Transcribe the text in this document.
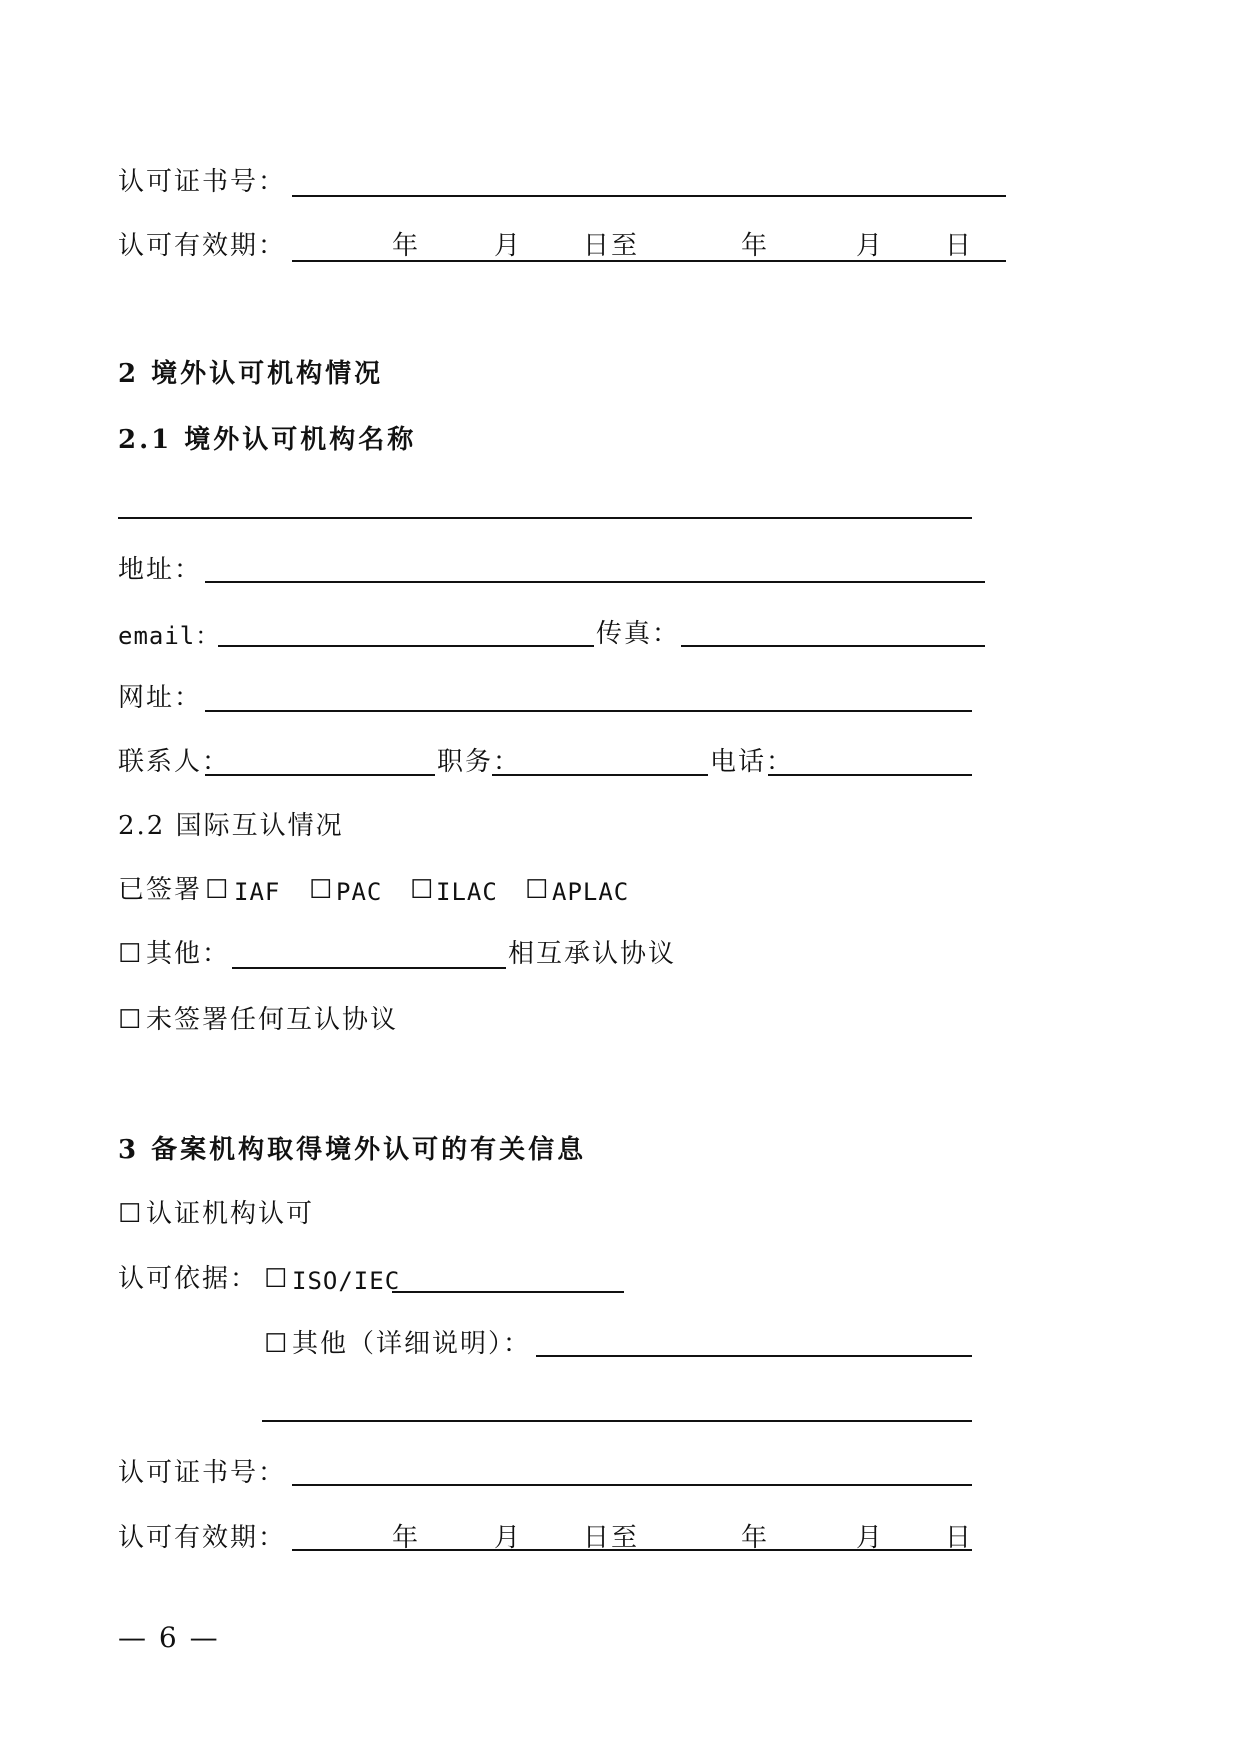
认可证书号：
认可有效期：	年	月 日至	年	月 日
2 境外认可机构情况
2.1 境外认可机构名称
地址：
email：	传真：
网址：
联系人：	职务：	电话：
2.2 国际互认情况
已签署 ☐ IAF ☐ PAC ☐ ILAC ☐ APLAC
☐ 其他：	相互承认协议
☐ 未签署任何互认协议
3 备案机构取得境外认可的有关信息
☐ 认证机构认可
认可依据： ☐ ISO/IEC
☐ 其他（详细说明）：
认可证书号：
认可有效期：	年	月 日至	年	月 日
— 6 —
